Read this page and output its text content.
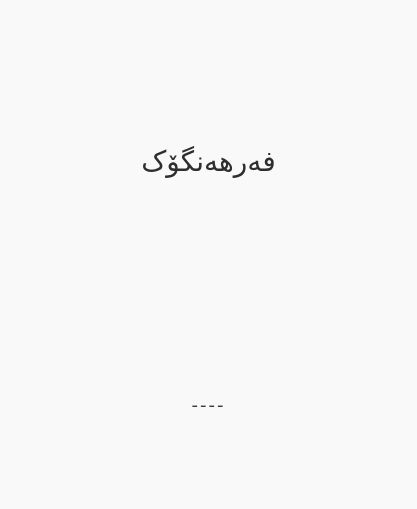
فەرهەنگۆک
----
